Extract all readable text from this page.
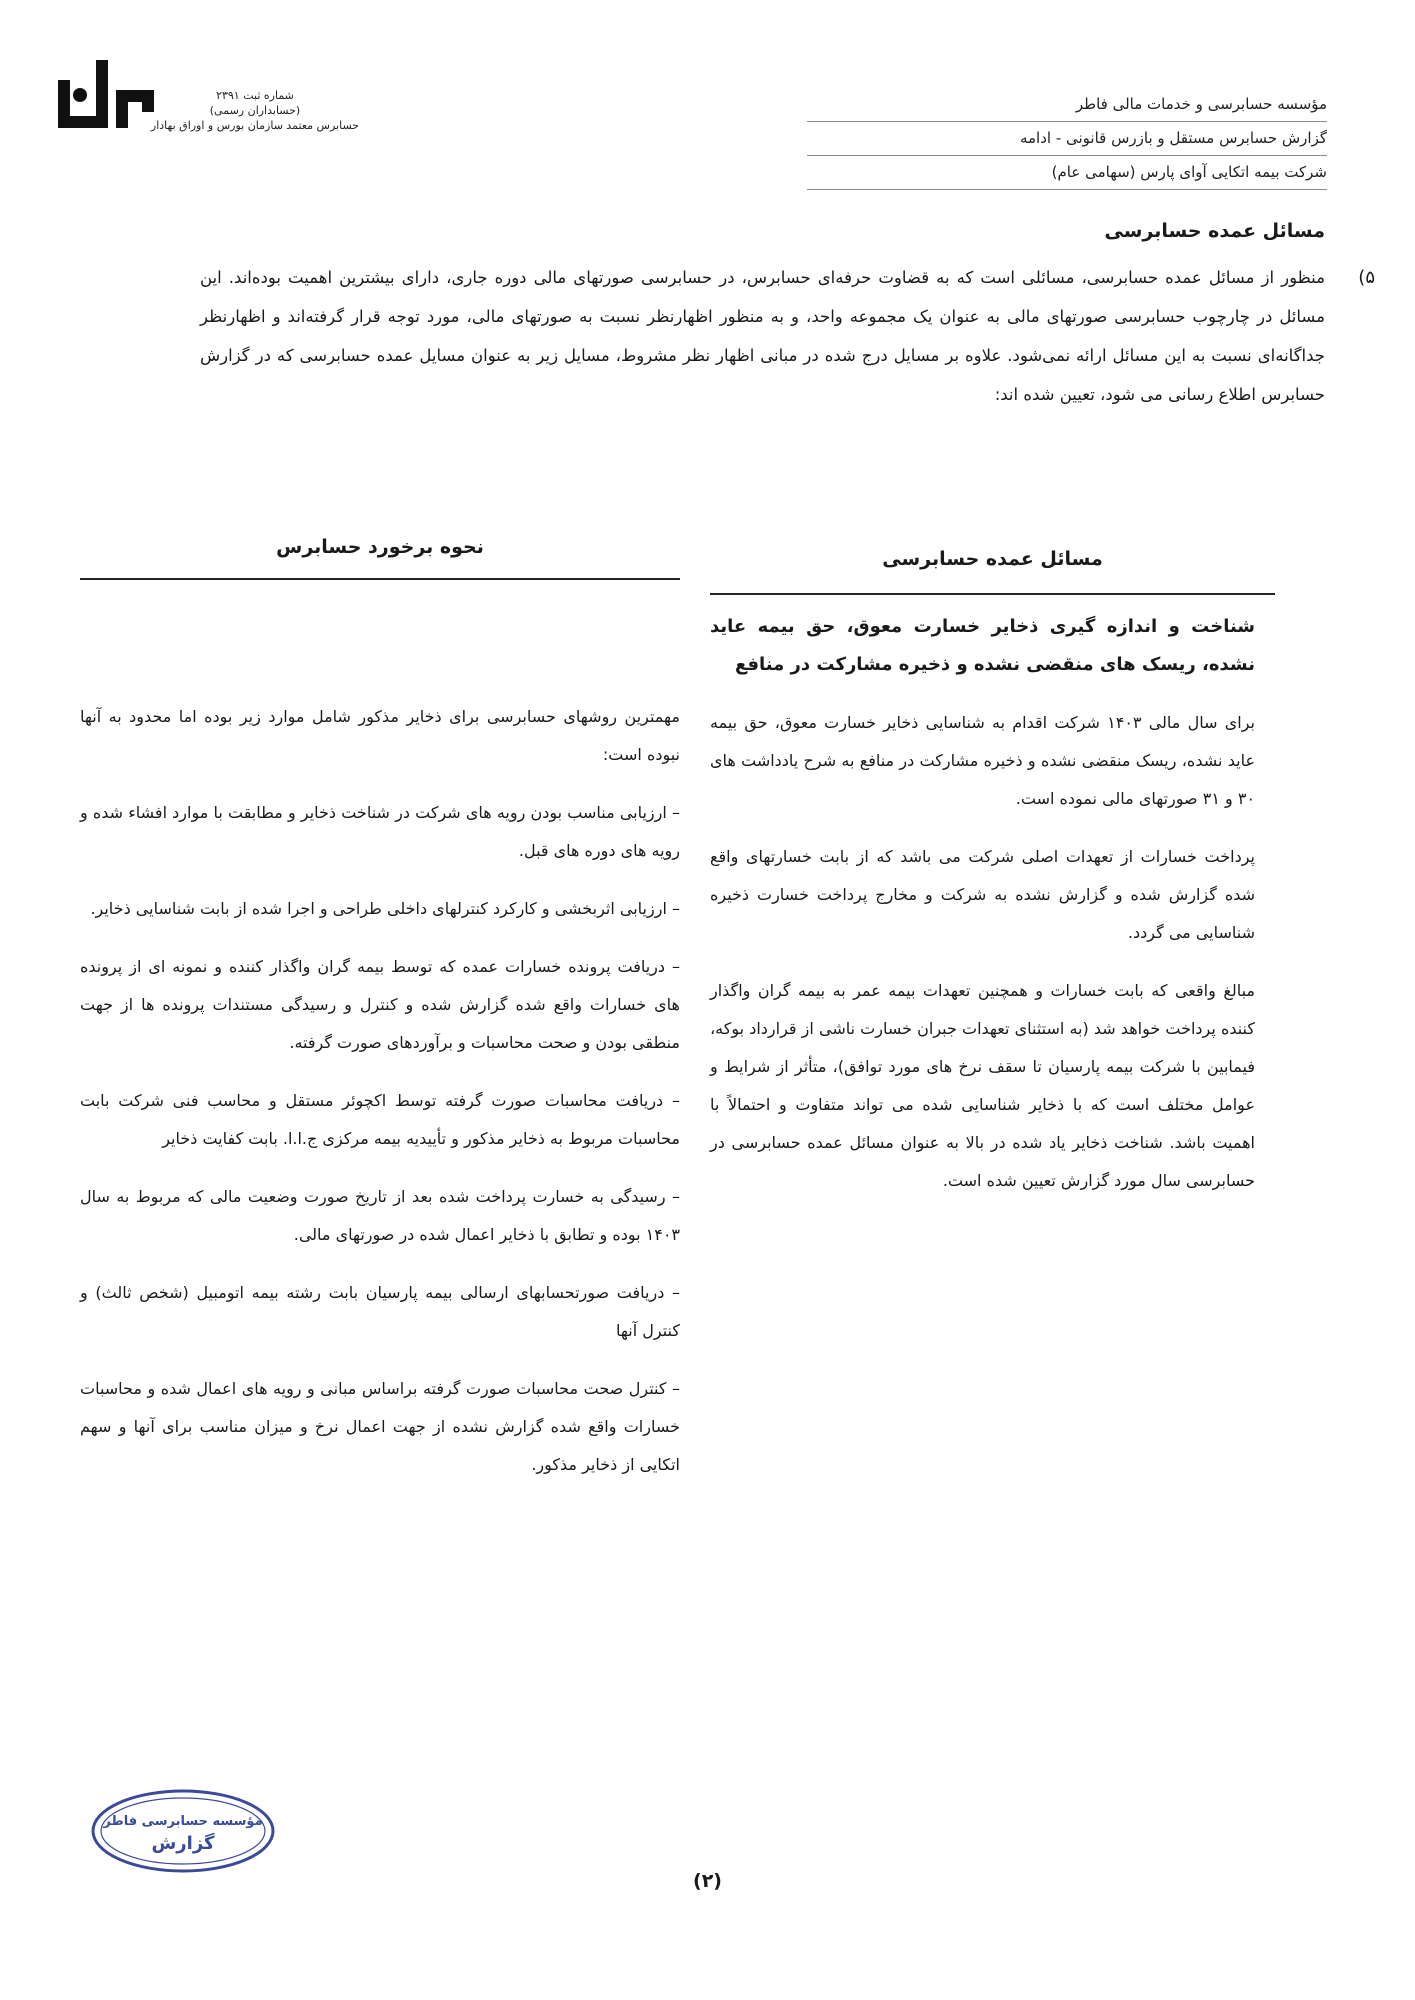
شماره ثبت ۲۳۹۱
(حسابداران رسمی)
حسابرس معتمد سازمان بورس و اوراق بهادار
مؤسسه حسابرسی و خدمات مالی فاطر
گزارش حسابرس مستقل و بازرس قانونی - ادامه
شرکت بیمه اتکایی آوای پارس (سهامی عام)
مسائل عمده حسابرسی
۵)
منظور از مسائل عمده حسابرسی، مسائلی است که به قضاوت حرفه‌ای حسابرس، در حسابرسی صورتهای مالی دوره جاری، دارای بیشترین اهمیت بوده‌اند. این مسائل در چارچوب حسابرسی صورتهای مالی به عنوان یک مجموعه واحد، و به منظور اظهارنظر نسبت به صورتهای مالی، مورد توجه قرار گرفته‌اند و اظهارنظر جداگانه‌ای نسبت به این مسائل ارائه نمی‌شود. علاوه بر مسایل درج شده در مبانی اظهار نظر مشروط، مسایل زیر به عنوان مسایل عمده حسابرسی که در گزارش حسابرس اطلاع رسانی می شود، تعیین شده اند:
مسائل عمده حسابرسی
نحوه برخورد حسابرس
شناخت و اندازه گیری ذخایر خسارت معوق، حق بیمه عاید نشده، ریسک های منقضی نشده و ذخیره مشارکت در منافع
برای سال مالی ۱۴۰۳ شرکت اقدام به شناسایی ذخایر خسارت معوق، حق بیمه عاید نشده، ریسک منقضی نشده و ذخیره مشارکت در منافع به شرح یادداشت های ۳۰ و ۳۱ صورتهای مالی نموده است.
پرداخت خسارات از تعهدات اصلی شرکت می باشد که از بابت خسارتهای واقع شده گزارش شده و گزارش نشده به شرکت و مخارج پرداخت خسارت ذخیره شناسایی می گردد.
مبالغ واقعی که بابت خسارات و همچنین تعهدات بیمه عمر به بیمه گران واگذار کننده پرداخت خواهد شد (به استثنای تعهدات جبران خسارت ناشی از قرارداد بوکه، فیمابین با شرکت بیمه پارسیان تا سقف نرخ های مورد توافق)، متأثر از شرایط و عوامل مختلف است که با ذخایر شناسایی شده می تواند متفاوت و احتمالاً با اهمیت باشد. شناخت ذخایر یاد شده در بالا به عنوان مسائل عمده حسابرسی در حسابرسی سال مورد گزارش تعیین شده است.
مهمترین روشهای حسابرسی برای ذخایر مذکور شامل موارد زیر بوده اما محدود به آنها نبوده است:
– ارزیابی مناسب بودن رویه های شرکت در شناخت ذخایر و مطابقت با موارد افشاء شده و رویه های دوره های قبل.
– ارزیابی اثربخشی و کارکرد کنترلهای داخلی طراحی و اجرا شده از بابت شناسایی ذخایر.
– دریافت پرونده خسارات عمده که توسط بیمه گران واگذار کننده و نمونه ای از پرونده های خسارات واقع شده گزارش شده و کنترل و رسیدگی مستندات پرونده ها از جهت منطقی بودن و صحت محاسبات و برآوردهای صورت گرفته.
– دریافت محاسبات صورت گرفته توسط اکچوئر مستقل و محاسب فنی شرکت بابت محاسبات مربوط به ذخایر مذکور و تأییدیه بیمه مرکزی ج.ا.ا. بابت کفایت ذخایر
– رسیدگی به خسارت پرداخت شده بعد از تاریخ صورت وضعیت مالی که مربوط به سال ۱۴۰۳ بوده و تطابق با ذخایر اعمال شده در صورتهای مالی.
– دریافت صورتحسابهای ارسالی بیمه پارسیان بابت رشته بیمه اتومبیل (شخص ثالث) و کنترل آنها
– کنترل صحت محاسبات صورت گرفته براساس مبانی و رویه های اعمال شده و محاسبات خسارات واقع شده گزارش نشده از جهت اعمال نرخ و میزان مناسب برای آنها و سهم اتکایی از ذخایر مذکور.
مؤسسه حسابرسی فاطر
گزارش
(۲)
